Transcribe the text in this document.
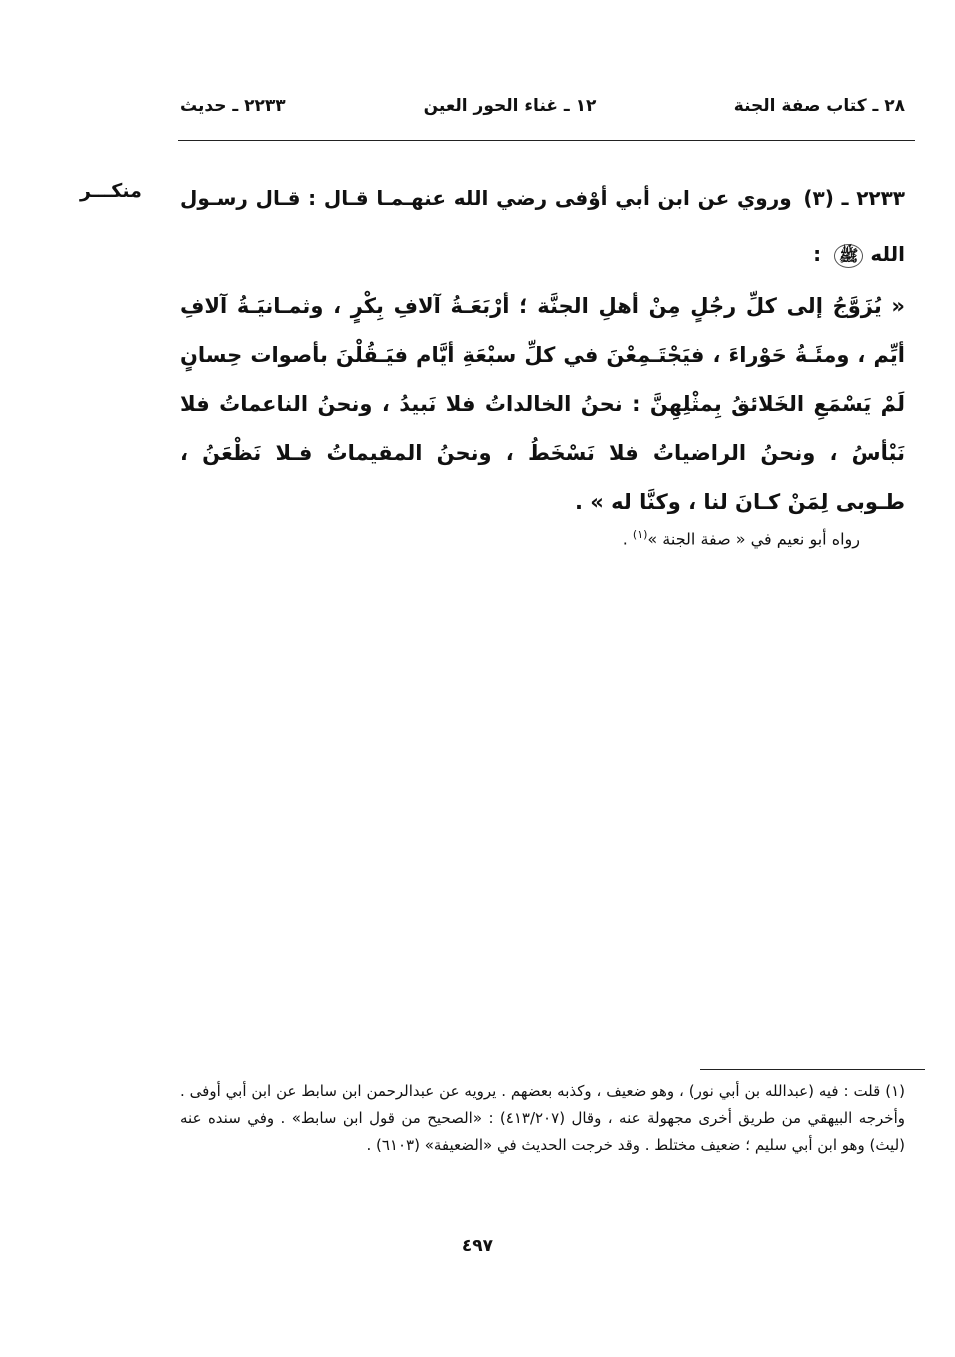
٢٨ ـ كتاب صفة الجنة
١٢ ـ غناء الحور العين
٢٢٣٣ ـ حديث
منكـــر	٢٢٣٣ ـ (٣) وروي عن ابن أبي أوْفى رضي الله عنهـمـا قـال : قـال رسـول الله ﷺ :

« يُزَوَّجُ إلى كلِّ رجُلٍ مِنْ أهلِ الجنَّة ؛ أرْبَعَـةُ آلافِ بِكْرٍ ، وثمـانيَـةُ آلافِ أيِّم ، ومئَـةُ حَوْراءَ ، فيَجْتَـمِعْنَ في كلِّ سبْعَةِ أيَّام فيَـقُلْنَ بأصوات حِسانٍ لَمْ يَسْمَعِ الخَلائقُ بِمثْلِهِنَّ : نحنُ الخالداتُ فلا نَبيدُ ، ونحنُ الناعماتُ فلا نَبْأسُ ، ونحنُ الراضياتُ فلا نَسْخَطُ ، ونحنُ المقيماتُ فـلا نَظْعَنُ ، طـوبى لِمَنْ كـانَ لنا ، وكنَّا له » .

رواه أبو نعيم في « صفة الجنة »$^{(١)}$ .

(١) قلت : فيه (عبدالله بن أبي نور) ، وهو ضعيف ، وكذبه بعضهم . يرويه عن عبدالرحمن ابن سابط عن ابن أبي أوفى . وأخرجه البيهقي من طريق أخرى مجهولة عنه ، وقال (٤١٣/٢٠٧) : «الصحيح من قول ابن سابط» . وفي سنده عنه (ليث) وهو ابن أبي سليم ؛ ضعيف مختلط . وقد خرجت الحديث في «الضعيفة» (٦١٠٣) .

٤٩٧
